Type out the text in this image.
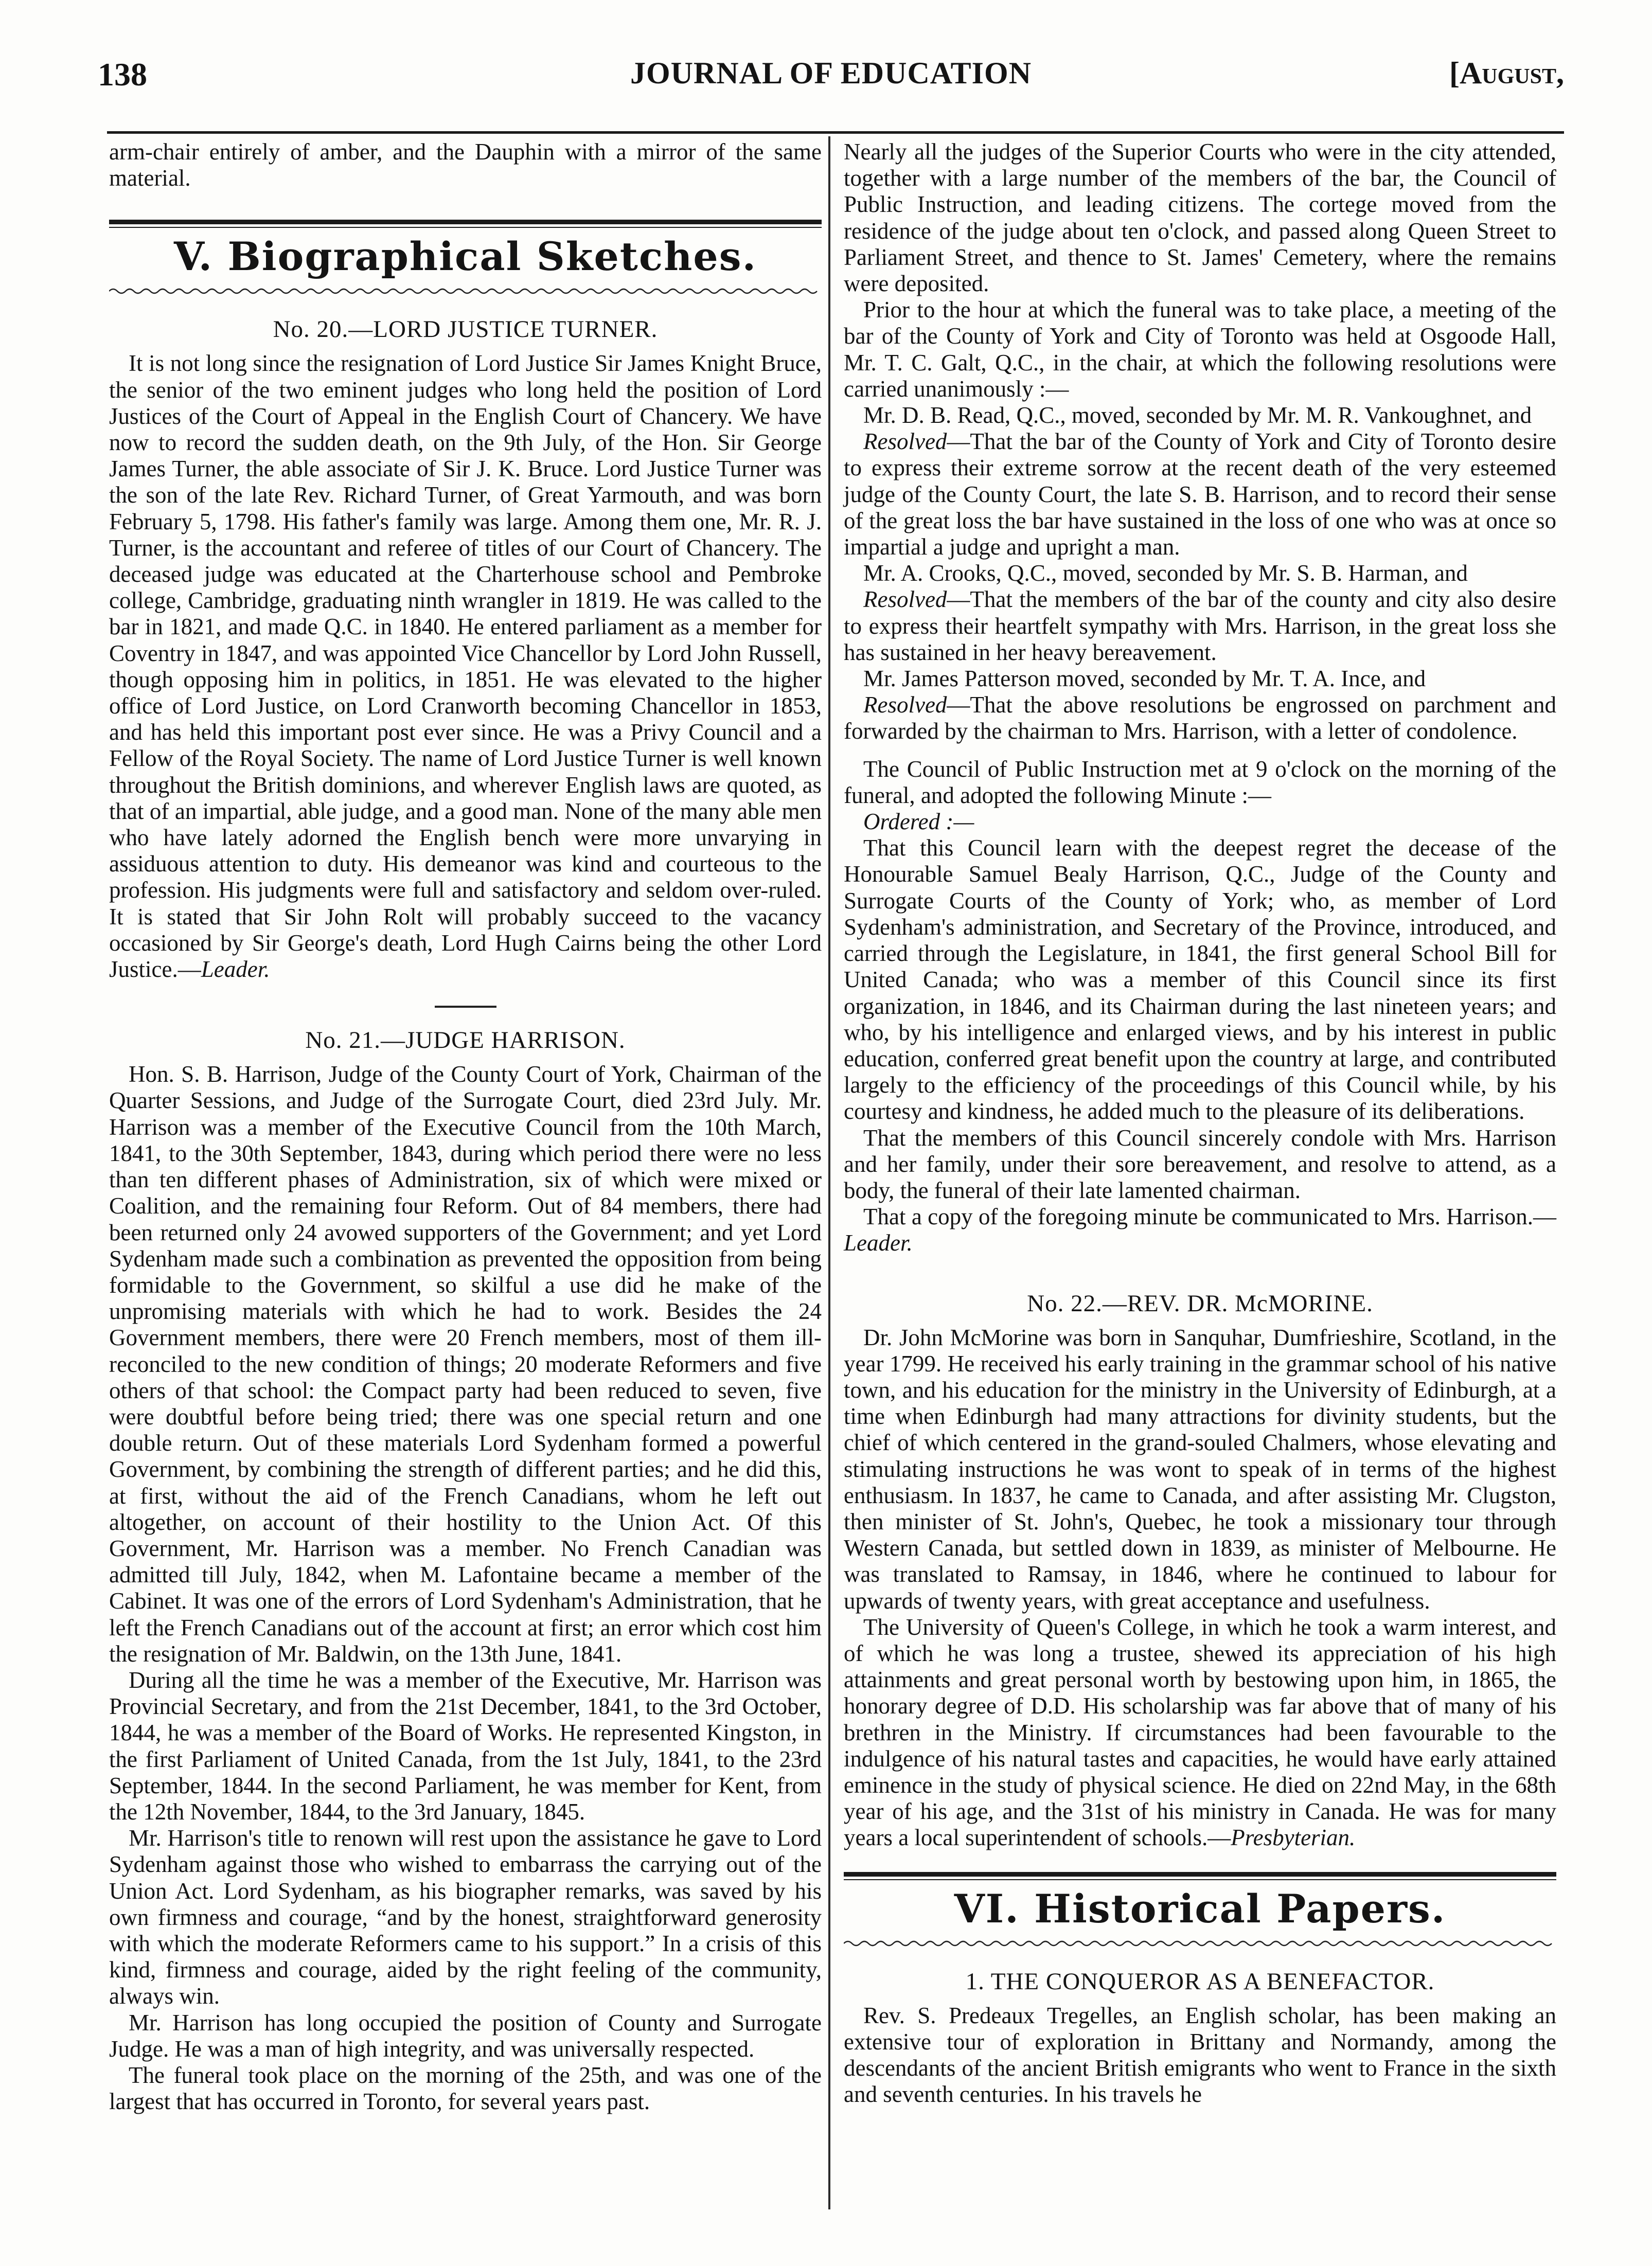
138	JOURNAL OF EDUCATION	[August,

arm-chair entirely of amber, and the Dauphin with a mirror of the same material.

V. Biographical Sketches.
No. 20.—LORD JUSTICE TURNER.

It is not long since the resignation of Lord Justice Sir James Knight Bruce, the senior of the two eminent judges who long held the position of Lord Justices of the Court of Appeal in the English Court of Chancery. We have now to record the sudden death, on the 9th July, of the Hon. Sir George James Turner, the able associate of Sir J. K. Bruce. Lord Justice Turner was the son of the late Rev. Richard Turner, of Great Yarmouth, and was born February 5, 1798. His father's family was large. Among them one, Mr. R. J. Turner, is the accountant and referee of titles of our Court of Chancery. The deceased judge was educated at the Charterhouse school and Pembroke college, Cambridge, graduating ninth wrangler in 1819. He was called to the bar in 1821, and made Q.C. in 1840. He entered parliament as a member for Coventry in 1847, and was appointed Vice Chancellor by Lord John Russell, though opposing him in politics, in 1851. He was elevated to the higher office of Lord Justice, on Lord Cranworth becoming Chancellor in 1853, and has held this important post ever since. He was a Privy Council and a Fellow of the Royal Society. The name of Lord Justice Turner is well known throughout the British dominions, and wherever English laws are quoted, as that of an impartial, able judge, and a good man. None of the many able men who have lately adorned the English bench were more unvarying in assiduous attention to duty. His demeanor was kind and courteous to the profession. His judgments were full and satisfactory and seldom over-ruled. It is stated that Sir John Rolt will probably succeed to the vacancy occasioned by Sir George's death, Lord Hugh Cairns being the other Lord Justice.—Leader.

No. 21.—JUDGE HARRISON.

Hon. S. B. Harrison, Judge of the County Court of York, Chairman of the Quarter Sessions, and Judge of the Surrogate Court, died 23rd July. Mr. Harrison was a member of the Executive Council from the 10th March, 1841, to the 30th September, 1843, during which period there were no less than ten different phases of Administration, six of which were mixed or Coalition, and the remaining four Reform. Out of 84 members, there had been returned only 24 avowed supporters of the Government; and yet Lord Sydenham made such a combination as prevented the opposition from being formidable to the Government, so skilful a use did he make of the unpromising materials with which he had to work. Besides the 24 Government members, there were 20 French members, most of them ill-reconciled to the new condition of things; 20 moderate Reformers and five others of that school: the Compact party had been reduced to seven, five were doubtful before being tried; there was one special return and one double return. Out of these materials Lord Sydenham formed a powerful Government, by combining the strength of different parties; and he did this, at first, without the aid of the French Canadians, whom he left out altogether, on account of their hostility to the Union Act. Of this Government, Mr. Harrison was a member. No French Canadian was admitted till July, 1842, when M. Lafontaine became a member of the Cabinet. It was one of the errors of Lord Sydenham's Administration, that he left the French Canadians out of the account at first; an error which cost him the resignation of Mr. Baldwin, on the 13th June, 1841.

During all the time he was a member of the Executive, Mr. Harrison was Provincial Secretary, and from the 21st December, 1841, to the 3rd October, 1844, he was a member of the Board of Works. He represented Kingston, in the first Parliament of United Canada, from the 1st July, 1841, to the 23rd September, 1844. In the second Parliament, he was member for Kent, from the 12th November, 1844, to the 3rd January, 1845.

Mr. Harrison's title to renown will rest upon the assistance he gave to Lord Sydenham against those who wished to embarrass the carrying out of the Union Act. Lord Sydenham, as his biographer remarks, was saved by his own firmness and courage, “and by the honest, straightforward generosity with which the moderate Reformers came to his support.” In a crisis of this kind, firmness and courage, aided by the right feeling of the community, always win.

Mr. Harrison has long occupied the position of County and Surrogate Judge. He was a man of high integrity, and was universally respected.

The funeral took place on the morning of the 25th, and was one of the largest that has occurred in Toronto, for several years past.

Nearly all the judges of the Superior Courts who were in the city attended, together with a large number of the members of the bar, the Council of Public Instruction, and leading citizens. The cortege moved from the residence of the judge about ten o'clock, and passed along Queen Street to Parliament Street, and thence to St. James' Cemetery, where the remains were deposited.

Prior to the hour at which the funeral was to take place, a meeting of the bar of the County of York and City of Toronto was held at Osgoode Hall, Mr. T. C. Galt, Q.C., in the chair, at which the following resolutions were carried unanimously :—

Mr. D. B. Read, Q.C., moved, seconded by Mr. M. R. Vankoughnet, and

Resolved—That the bar of the County of York and City of Toronto desire to express their extreme sorrow at the recent death of the very esteemed judge of the County Court, the late S. B. Harrison, and to record their sense of the great loss the bar have sustained in the loss of one who was at once so impartial a judge and upright a man.

Mr. A. Crooks, Q.C., moved, seconded by Mr. S. B. Harman, and

Resolved—That the members of the bar of the county and city also desire to express their heartfelt sympathy with Mrs. Harrison, in the great loss she has sustained in her heavy bereavement.

Mr. James Patterson moved, seconded by Mr. T. A. Ince, and

Resolved—That the above resolutions be engrossed on parchment and forwarded by the chairman to Mrs. Harrison, with a letter of condolence.

The Council of Public Instruction met at 9 o'clock on the morning of the funeral, and adopted the following Minute :—

Ordered :—

That this Council learn with the deepest regret the decease of the Honourable Samuel Bealy Harrison, Q.C., Judge of the County and Surrogate Courts of the County of York; who, as member of Lord Sydenham's administration, and Secretary of the Province, introduced, and carried through the Legislature, in 1841, the first general School Bill for United Canada; who was a member of this Council since its first organization, in 1846, and its Chairman during the last nineteen years; and who, by his intelligence and enlarged views, and by his interest in public education, conferred great benefit upon the country at large, and contributed largely to the efficiency of the proceedings of this Council while, by his courtesy and kindness, he added much to the pleasure of its deliberations.

That the members of this Council sincerely condole with Mrs. Harrison and her family, under their sore bereavement, and resolve to attend, as a body, the funeral of their late lamented chairman.

That a copy of the foregoing minute be communicated to Mrs. Harrison.—Leader.

No. 22.—REV. DR. McMORINE.

Dr. John McMorine was born in Sanquhar, Dumfrieshire, Scotland, in the year 1799. He received his early training in the grammar school of his native town, and his education for the ministry in the University of Edinburgh, at a time when Edinburgh had many attractions for divinity students, but the chief of which centered in the grand-souled Chalmers, whose elevating and stimulating instructions he was wont to speak of in terms of the highest enthusiasm. In 1837, he came to Canada, and after assisting Mr. Clugston, then minister of St. John's, Quebec, he took a missionary tour through Western Canada, but settled down in 1839, as minister of Melbourne. He was translated to Ramsay, in 1846, where he continued to labour for upwards of twenty years, with great acceptance and usefulness.

The University of Queen's College, in which he took a warm interest, and of which he was long a trustee, shewed its appreciation of his high attainments and great personal worth by bestowing upon him, in 1865, the honorary degree of D.D. His scholarship was far above that of many of his brethren in the Ministry. If circumstances had been favourable to the indulgence of his natural tastes and capacities, he would have early attained eminence in the study of physical science. He died on 22nd May, in the 68th year of his age, and the 31st of his ministry in Canada. He was for many years a local superintendent of schools.—Presbyterian.

VI. Historical Papers.
1. THE CONQUEROR AS A BENEFACTOR.

Rev. S. Predeaux Tregelles, an English scholar, has been making an extensive tour of exploration in Brittany and Normandy, among the descendants of the ancient British emigrants who went to France in the sixth and seventh centuries. In his travels he
